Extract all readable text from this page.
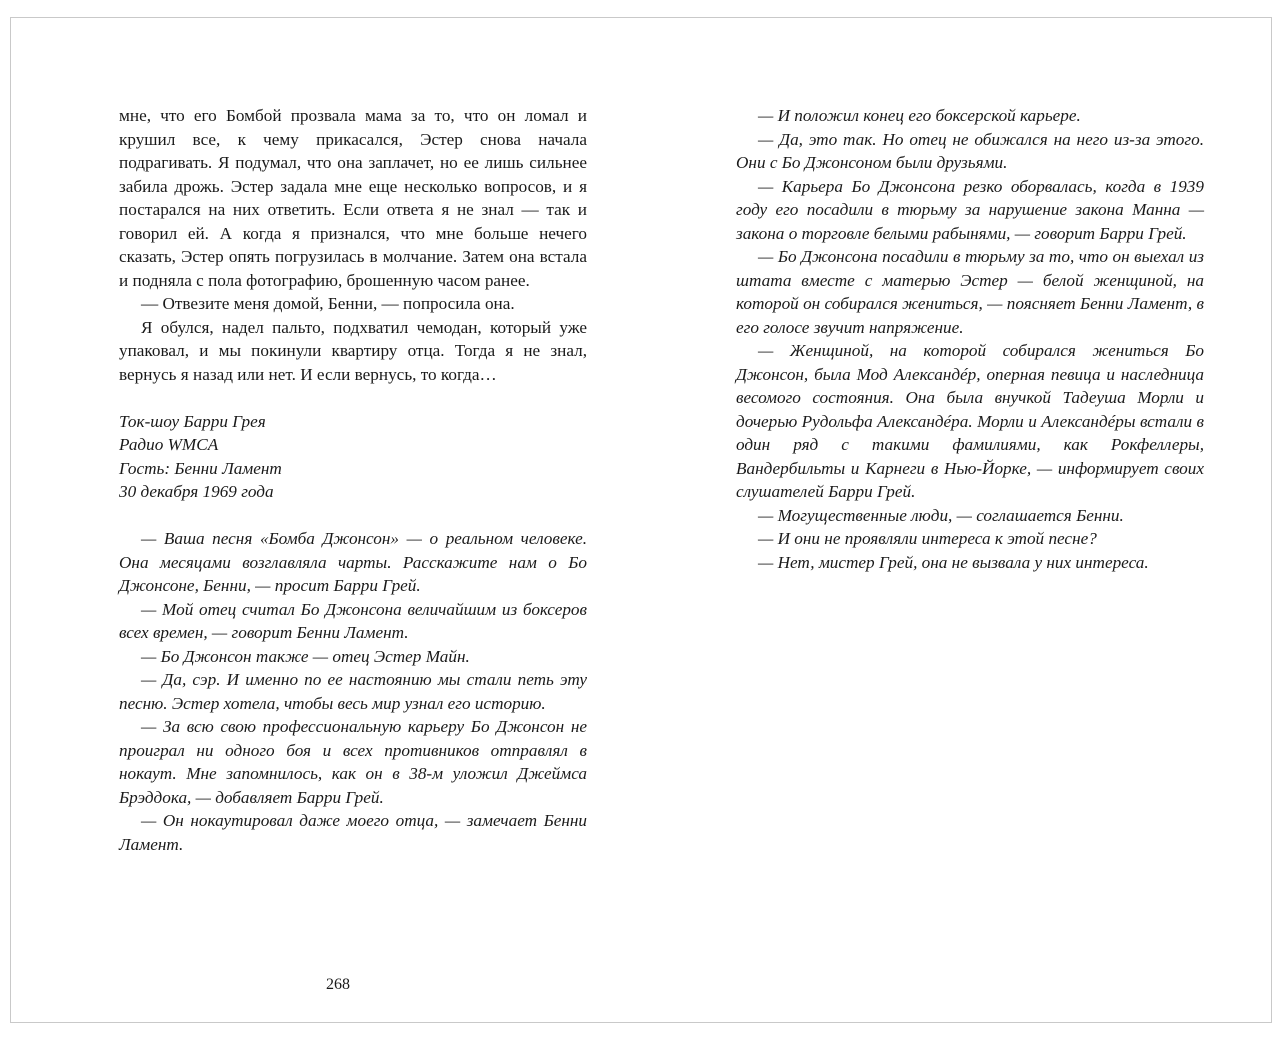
мне, что его Бомбой прозвала мама за то, что он ломал и крушил все, к чему прикасался, Эстер снова начала подрагивать. Я подумал, что она заплачет, но ее лишь сильнее забила дрожь. Эстер задала мне еще несколько вопросов, и я постарался на них ответить. Если ответа я не знал — так и говорил ей. А когда я признался, что мне больше нечего сказать, Эстер опять погрузилась в молчание. Затем она встала и подняла с пола фотографию, брошенную часом ранее.

— Отвезите меня домой, Бенни, — попросила она.

Я обулся, надел пальто, подхватил чемодан, который уже упаковал, и мы покинули квартиру отца. Тогда я не знал, вернусь я назад или нет. И если вернусь, то когда…

Ток-шоу Барри Грея

Радио WMCA

Гость: Бенни Ламент

30 декабря 1969 года

— Ваша песня «Бомба Джонсон» — о реальном человеке. Она месяцами возглавляла чарты. Расскажите нам о Бо Джонсоне, Бенни, — просит Барри Грей.

— Мой отец считал Бо Джонсона величайшим из боксеров всех времен, — говорит Бенни Ламент.

— Бо Джонсон также — отец Эстер Майн.

— Да, сэр. И именно по ее настоянию мы стали петь эту песню. Эстер хотела, чтобы весь мир узнал его историю.

— За всю свою профессиональную карьеру Бо Джонсон не проиграл ни одного боя и всех противников отправлял в нокаут. Мне запомнилось, как он в 38-м уложил Джеймса Брэддока, — добавляет Барри Грей.

— Он нокаутировал даже моего отца, — замечает Бенни Ламент.

268

— И положил конец его боксерской карьере.

— Да, это так. Но отец не обижался на него из-за этого. Они с Бо Джонсоном были друзьями.

— Карьера Бо Джонсона резко оборвалась, когда в 1939 году его посадили в тюрьму за нарушение закона Манна — закона о торговле белыми рабынями, — говорит Барри Грей.

— Бо Джонсона посадили в тюрьму за то, что он выехал из штата вместе с матерью Эстер — белой женщиной, на которой он собирался жениться, — поясняет Бенни Ламент, в его голосе звучит напряжение.

— Женщиной, на которой собирался жениться Бо Джонсон, была Мод Александéр, оперная певица и наследница весомого состояния. Она была внучкой Тадеуша Морли и дочерью Рудольфа Александéра. Морли и Александéры встали в один ряд с такими фамилиями, как Рокфеллеры, Вандербильты и Карнеги в Нью-Йорке, — информирует своих слушателей Барри Грей.

— Могущественные люди, — соглашается Бенни.

— И они не проявляли интереса к этой песне?

— Нет, мистер Грей, она не вызвала у них интереса.
